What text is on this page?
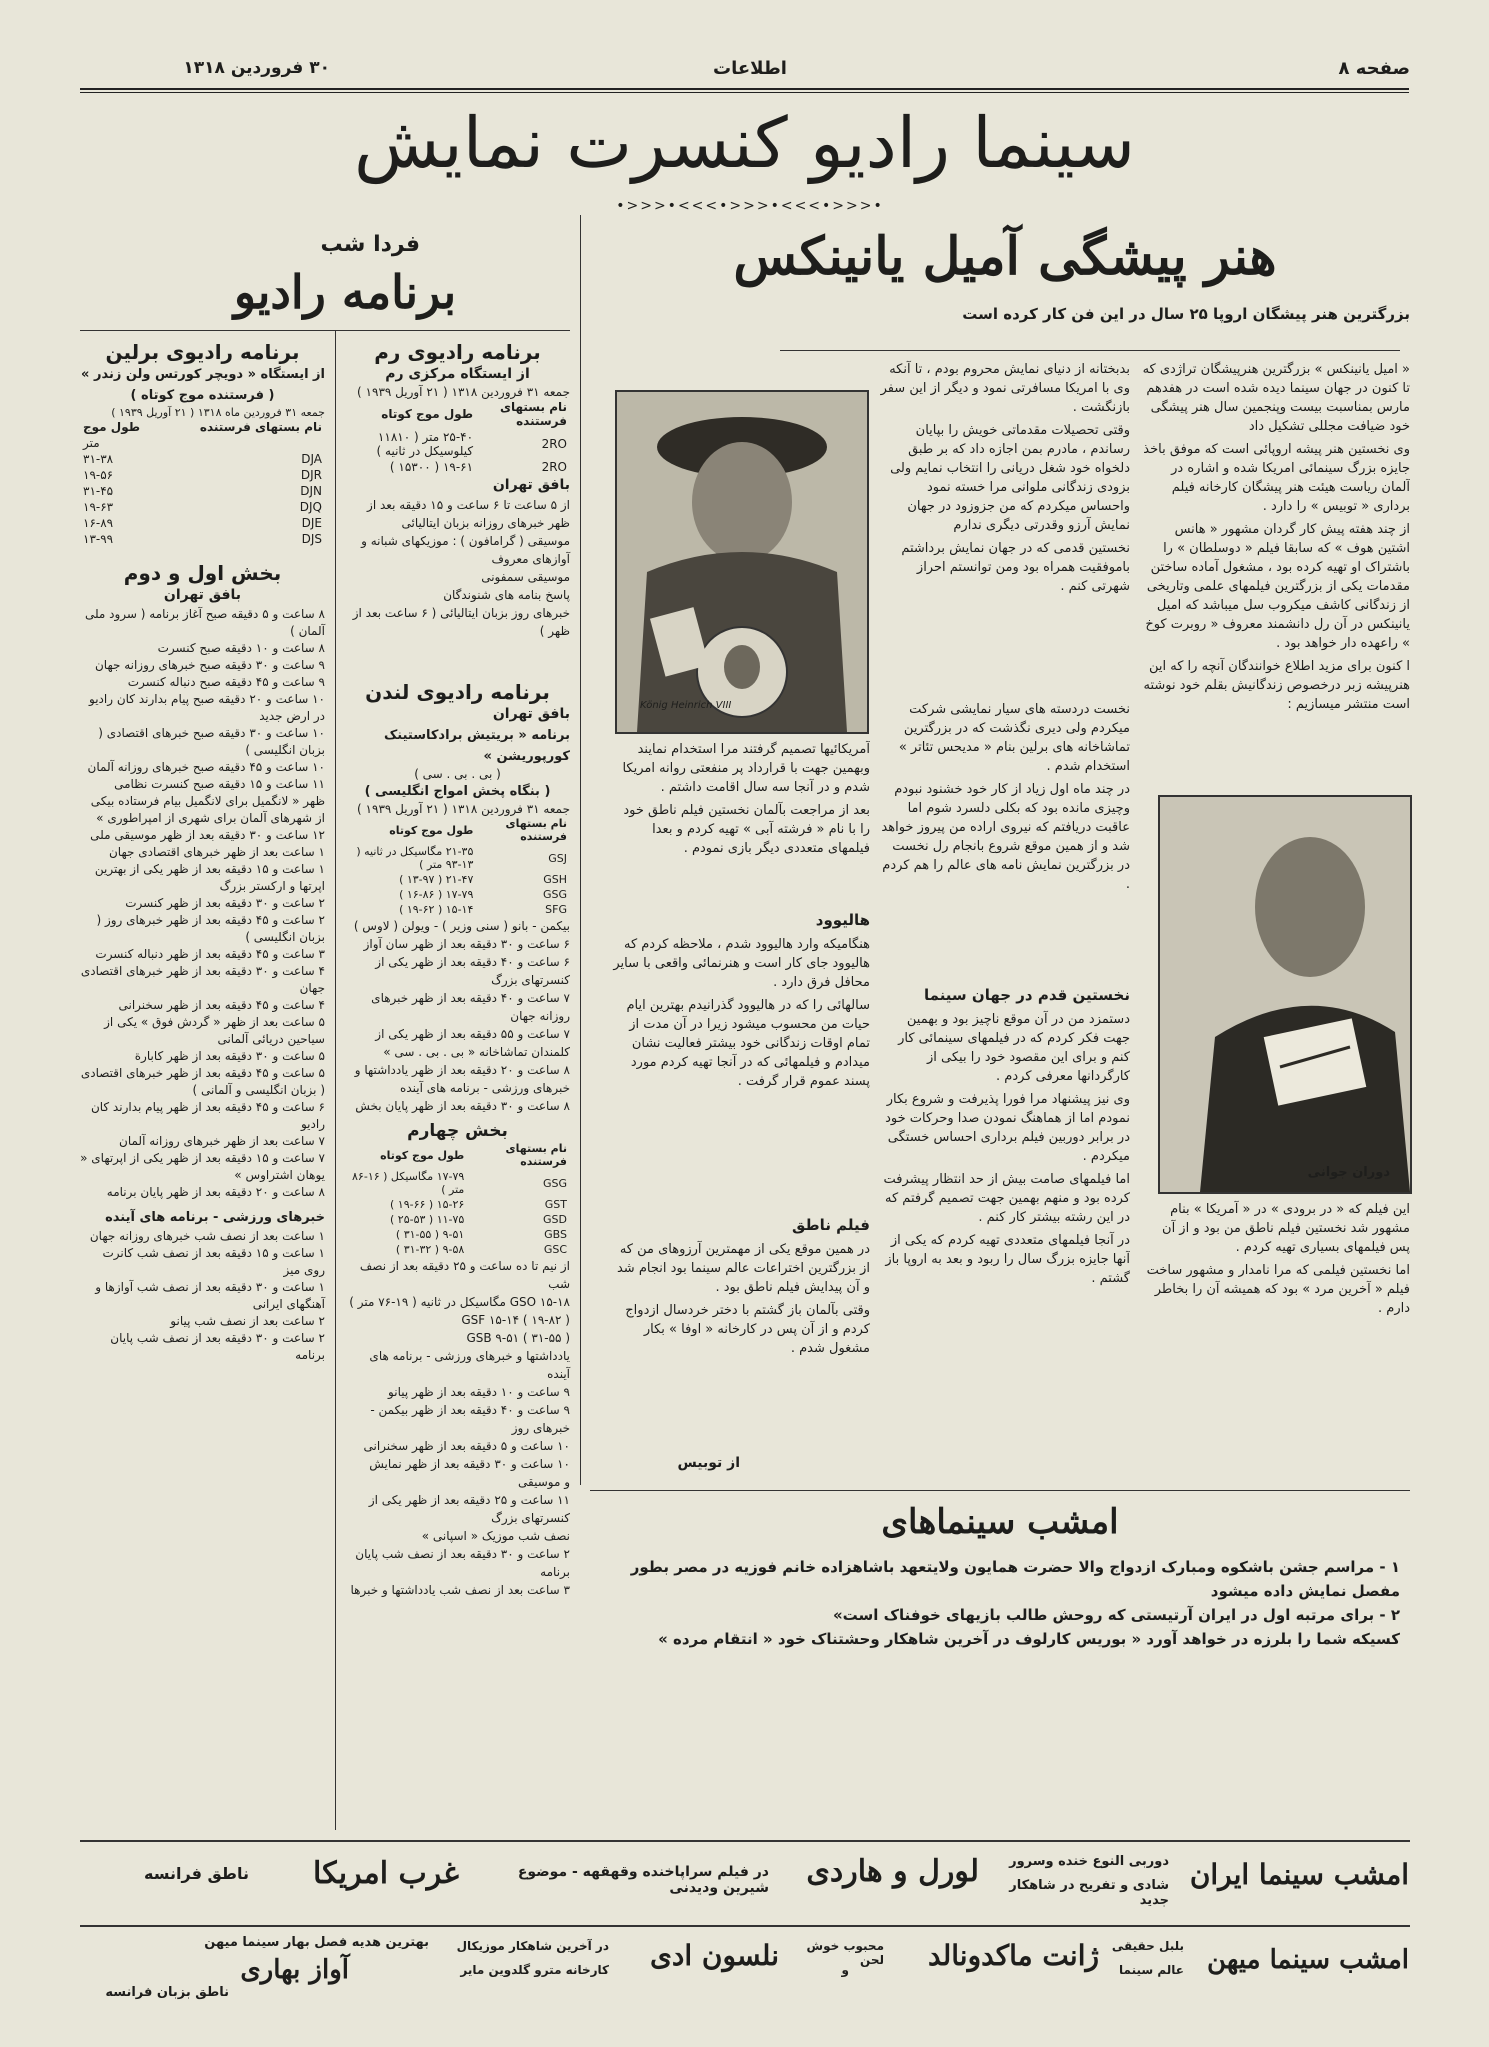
صفحه ۸
اطلاعات
۳۰ فروردین ۱۳۱۸
سینما رادیو کنسرت نمایش
•>>>•<<<•>>>•<<<•>>>•
هنر پیشگی آمیل یانینکس
بزرگترین هنر پیشگان اروپا ۲۵ سال در این فن کار کرده است

« امیل یانینکس » بزرگترین هنرپیشگان تراژدی که تا کنون در جهان سینما دیده شده است در هفدهم مارس بمناسبت بیست وپنجمین سال هنر پیشگی خود ضیافت مجللی تشکیل داد

وی نخستین هنر پیشه اروپائی است که موفق باخذ جایزه بزرگ سینمائی امریکا شده و اشاره در آلمان ریاست هیئت هنر پیشگان کارخانه فیلم برداری « توبیس » را دارد .

از چند هفته پیش کار گردان مشهور « هانس اشتین هوف » که سابقا فیلم « دوسلطان » را باشتراک او تهیه کرده بود ، مشغول آماده ساختن مقدمات یکی از بزرگترین فیلمهای علمی وتاریخی از زندگانی کاشف میکروب سل میباشد که امیل یانینکس در آن رل دانشمند معروف « روبرت کوخ » راعهده دار خواهد بود .

ا کنون برای مزید اطلاع خوانندگان آنچه را که این هنرپیشه زبر درخصوص زندگانیش بقلم خود نوشته است منتشر میسازیم :

دوران جوانی

این فیلم که « در برودی » در « آمریکا » بنام مشهور شد نخستین فیلم ناطق من بود و از آن پس فیلمهای بسیاری تهیه کردم .

اما نخستین فیلمی که مرا نامدار و مشهور ساخت فیلم « آخرین مرد » بود که همیشه آن را بخاطر دارم .

بدبختانه از دنیای نمایش محروم بودم ، تا آنکه وی با امریکا مسافرتی نمود و دیگر از این سفر بازنگشت .

وقتی تحصیلات مقدماتی خویش را بپایان رساندم ، مادرم بمن اجازه داد که بر طبق دلخواه خود شغل دریانی را انتخاب نمایم ولی بزودی زندگانی ملوانی مرا خسته نمود واحساس میکردم که من جزوزود در جهان نمایش آرزو وقدرتی دیگری ندارم

نخستین قدمی که در جهان نمایش برداشتم باموفقیت همراه بود ومن توانستم احراز شهرتی کنم .

نخست دردسته های سیار نمایشی شرکت میکردم ولی دیری نگذشت که در بزرگترین تماشاخانه های برلین بنام « مدیحس تئاتر » استخدام شدم .

در چند ماه اول زیاد از کار خود خشنود نبودم وچیزی مانده بود که بکلی دلسرد شوم اما عاقبت دریافتم که نیروی اراده من پیروز خواهد شد و از همین موقع شروع بانجام رل نخست در بزرگترین نمایش نامه های عالم را هم کردم .

نخستین قدم در جهان سینما

دستمزد من در آن موقع ناچیز بود و بهمین جهت فکر کردم که در فیلمهای سینمائی کار کنم و برای این مقصود خود را بیکی از کارگردانها معرفی کردم .

وی نیز پیشنهاد مرا فورا پذیرفت و شروع بکار نمودم اما از هماهنگ نمودن صدا وحرکات خود در برابر دوربین فیلم برداری احساس خستگی میکردم .

اما فیلمهای صامت بیش از حد انتظار پیشرفت کرده بود و منهم بهمین جهت تصمیم گرفتم که در این رشته بیشتر کار کنم .

در آنجا فیلمهای متعددی تهیه کردم که یکی از آنها جایزه بزرگ سال را ربود و بعد به اروپا باز گشتم .

König Heinrich VIII

آمریکائیها تصمیم گرفتند مرا استخدام نمایند وبهمین جهت با قرارداد پر منفعتی روانه امریکا شدم و در آنجا سه سال اقامت داشتم .

بعد از مراجعت بآلمان نخستین فیلم ناطق خود را با نام « فرشته آبی » تهیه کردم و بعدا فیلمهای متعددی دیگر بازی نمودم .

هالیوود

هنگامیکه وارد هالیوود شدم ، ملاحظه کردم که هالیوود جای کار است و هنرنمائی واقعی با سایر محافل فرق دارد .

سالهائی را که در هالیوود گذرانیدم بهترین ایام حیات من محسوب میشود زیرا در آن مدت از تمام اوقات زندگانی خود بیشتر فعالیت نشان میدادم و فیلمهائی که در آنجا تهیه کردم مورد پسند عموم قرار گرفت .

فیلم ناطق

در همین موقع یکی از مهمترین آرزوهای من که از بزرگترین اختراعات عالم سینما بود انجام شد و آن پیدایش فیلم ناطق بود .

وقتی بآلمان باز گشتم با دختر خردسال ازدواج کردم و از آن پس در کارخانه « اوفا » بکار مشغول شدم .

از توبیس
امشب سینماهای
۱ - مراسم جشن باشکوه ومبارک ازدواج والا حضرت همایون ولایتعهد باشاهزاده خانم فوزیه در مصر بطور مفصل نمایش داده میشود
۲ - برای مرتبه اول در ایران آرتیستی که روحش طالب بازیهای خوفناک است»
کسیکه شما را بلرزه در خواهد آورد « بوریس کارلوف در آخرین شاهکار وحشتناک خود « انتقام مرده »
فردا شب
برنامه رادیو
برنامه رادیوی رم
از ایستگاه مرکزی رم
جمعه ۳۱ فروردین ۱۳۱۸ ( ۲۱ آوریل ۱۹۳۹ )
نام بستهای فرستنده	طول موج کوتاه
2RO	۲۵-۴۰ متر ( ۱۱۸۱۰ کیلوسیکل در ثانیه )
2RO	۱۹-۶۱ ( ۱۵۳۰۰ )
بافق تهران
از ۵ ساعت تا ۶ ساعت و ۱۵ دقیقه بعد از ظهر خبرهای روزانه بزبان ایتالیائی
موسیقی ( گرامافون ) : موزیکهای شبانه و آوازهای معروف
موسیقی سمفونی
پاسخ بنامه های شنوندگان
خبرهای روز بزبان ایتالیائی ( ۶ ساعت بعد از ظهر )
برنامه رادیوی لندن
بافق تهران
برنامه « بریتیش برادکاستینک کورپوریشن »
( بی . بی . سی )
( بنگاه پخش امواج انگلیسی )
جمعه ۳۱ فروردین ۱۳۱۸ ( ۲۱ آوریل ۱۹۳۹ )
نام بستهای فرستنده	طول موج کوتاه
GSJ	۲۱-۳۵ مگاسیکل در ثانیه ( ۱۳-۹۳ متر )
GSH	۲۱-۴۷ ( ۱۳-۹۷ )
GSG	۱۷-۷۹ ( ۱۶-۸۶ )
SFG	۱۵-۱۴ ( ۱۹-۶۲ )
بیکمن - بانو ( سنی وزیر ) - ویولن ( لاوس )
۶ ساعت و ۳۰ دقیقه بعد از ظهر سان آواز
۶ ساعت و ۴۰ دقیقه بعد از ظهر یکی از کنسرتهای بزرگ
۷ ساعت و ۴۰ دقیقه بعد از ظهر خبرهای روزانه جهان
۷ ساعت و ۵۵ دقیقه بعد از ظهر یکی از کلمندان تماشاخانه « بی . بی . سی »
۸ ساعت و ۲۰ دقیقه بعد از ظهر یادداشتها و خبرهای ورزشی - برنامه های آینده
۸ ساعت و ۳۰ دقیقه بعد از ظهر پایان بخش
بخش چهارم
نام بستهای فرستنده	طول موج کوتاه
GSG	۱۷-۷۹ مگاسیکل ( ۱۶-۸۶ متر )
GST	۱۵-۲۶ ( ۱۹-۶۶ )
GSD	۱۱-۷۵ ( ۲۵-۵۳ )
GBS	۹-۵۱ ( ۳۱-۵۵ )
GSC	۹-۵۸ ( ۳۱-۳۲ )
از نیم تا ده ساعت و ۲۵ دقیقه بعد از نصف شب
GSO ۱۵-۱۸ مگاسیکل در ثانیه ( ۱۹-۷۶ متر )
GSF ۱۵-۱۴ ( ۱۹-۸۲ )
GSB ۹-۵۱ ( ۳۱-۵۵ )
یادداشتها و خبرهای ورزشی - برنامه های آینده
۹ ساعت و ۱۰ دقیقه بعد از ظهر پیانو
۹ ساعت و ۴۰ دقیقه بعد از ظهر بیکمن - خبرهای روز
۱۰ ساعت و ۵ دقیقه بعد از ظهر سخنرانی
۱۰ ساعت و ۳۰ دقیقه بعد از ظهر نمایش
و موسیقی
۱۱ ساعت و ۲۵ دقیقه بعد از ظهر یکی از کنسرتهای بزرگ
نصف شب موزیک « اسپانی »
۲ ساعت و ۳۰ دقیقه بعد از نصف شب پایان برنامه
۳ ساعت بعد از نصف شب یادداشتها و خبرها
برنامه رادیوی برلین
از ایستگاه « دویچر کورتس ولن زندر »
( فرستنده موج کوتاه )
جمعه ۳۱ فروردین ماه ۱۳۱۸ ( ۲۱ آوریل ۱۹۳۹ )
نام بستهای فرستنده	طول موج
	متر
DJA	۳۱-۳۸
DJR	۱۹-۵۶
DJN	۳۱-۴۵
DJQ	۱۹-۶۳
DJE	۱۶-۸۹
DJS	۱۳-۹۹
بخش اول و دوم
بافق تهران
۸ ساعت و ۵ دقیقه صبح آغاز برنامه ( سرود ملی آلمان )
۸ ساعت و ۱۰ دقیقه صبح کنسرت
۹ ساعت و ۳۰ دقیقه صبح خبرهای روزانه جهان
۹ ساعت و ۴۵ دقیقه صبح دنباله کنسرت
۱۰ ساعت و ۲۰ دقیقه صبح پیام بدارند کان رادیو در ارض جدید
۱۰ ساعت و ۳۰ دقیقه صبح خبرهای اقتصادی ( بزبان انگلیسی )
۱۰ ساعت و ۴۵ دقیقه صبح خبرهای روزانه آلمان
۱۱ ساعت و ۱۵ دقیقه صبح کنسرت نظامی
ظهر « لانگمیل برای لانگمیل بیام فرستاده بیکی از شهرهای آلمان برای شهری از امپراطوری »
۱۲ ساعت و ۳۰ دقیقه بعد از ظهر موسیقی ملی
۱ ساعت بعد از ظهر خبرهای اقتصادی جهان
۱ ساعت و ۱۵ دقیقه بعد از ظهر یکی از بهترین اپرتها و ارکستر بزرگ
۲ ساعت و ۳۰ دقیقه بعد از ظهر کنسرت
۲ ساعت و ۴۵ دقیقه بعد از ظهر خبرهای روز ( بزبان انگلیسی )
۳ ساعت و ۴۵ دقیقه بعد از ظهر دنباله کنسرت
۴ ساعت و ۳۰ دقیقه بعد از ظهر خبرهای اقتصادی جهان
۴ ساعت و ۴۵ دقیقه بعد از ظهر سخنرانی
۵ ساعت بعد از ظهر « گردش فوق » یکی از سیاحین دریائی آلمانی
۵ ساعت و ۳۰ دقیقه بعد از ظهر کابارة
۵ ساعت و ۴۵ دقیقه بعد از ظهر خبرهای اقتصادی ( بزبان انگلیسی و آلمانی )
۶ ساعت و ۴۵ دقیقه بعد از ظهر پیام بدارند کان رادیو
۷ ساعت بعد از ظهر خبرهای روزانه آلمان
۷ ساعت و ۱۵ دقیقه بعد از ظهر یکی از اپرتهای « یوهان اشتراوس »
۸ ساعت و ۲۰ دقیقه بعد از ظهر پایان برنامه
خبرهای ورزشی - برنامه های آینده
۱ ساعت بعد از نصف شب خبرهای روزانه جهان
۱ ساعت و ۱۵ دقیقه بعد از نصف شب کانرت روی میز
۱ ساعت و ۳۰ دقیقه بعد از نصف شب آوازها و آهنگهای ایرانی
۲ ساعت بعد از نصف شب پیانو
۲ ساعت و ۳۰ دقیقه بعد از نصف شب پایان برنامه
امشب سینما ایران
دوربی النوع خنده وسرور
شادی و تفریح در شاهکار جدید
لورل و هاردی
در فیلم سراپاخنده وقهقهه - موضوع شیرین ودیدنی
غرب امریکا
ناطق فرانسه
امشب سینما میهن
بلبل حقیقی
عالم سینما
ژانت ماکدونالد
محبوب خوش لحن
و
نلسون ادی
در آخرین شاهکار موزیکال
کارخانه مترو گلدوین مایر
بهترین هدیه فصل بهار سینما میهن
آواز بهاری
ناطق بزبان فرانسه
